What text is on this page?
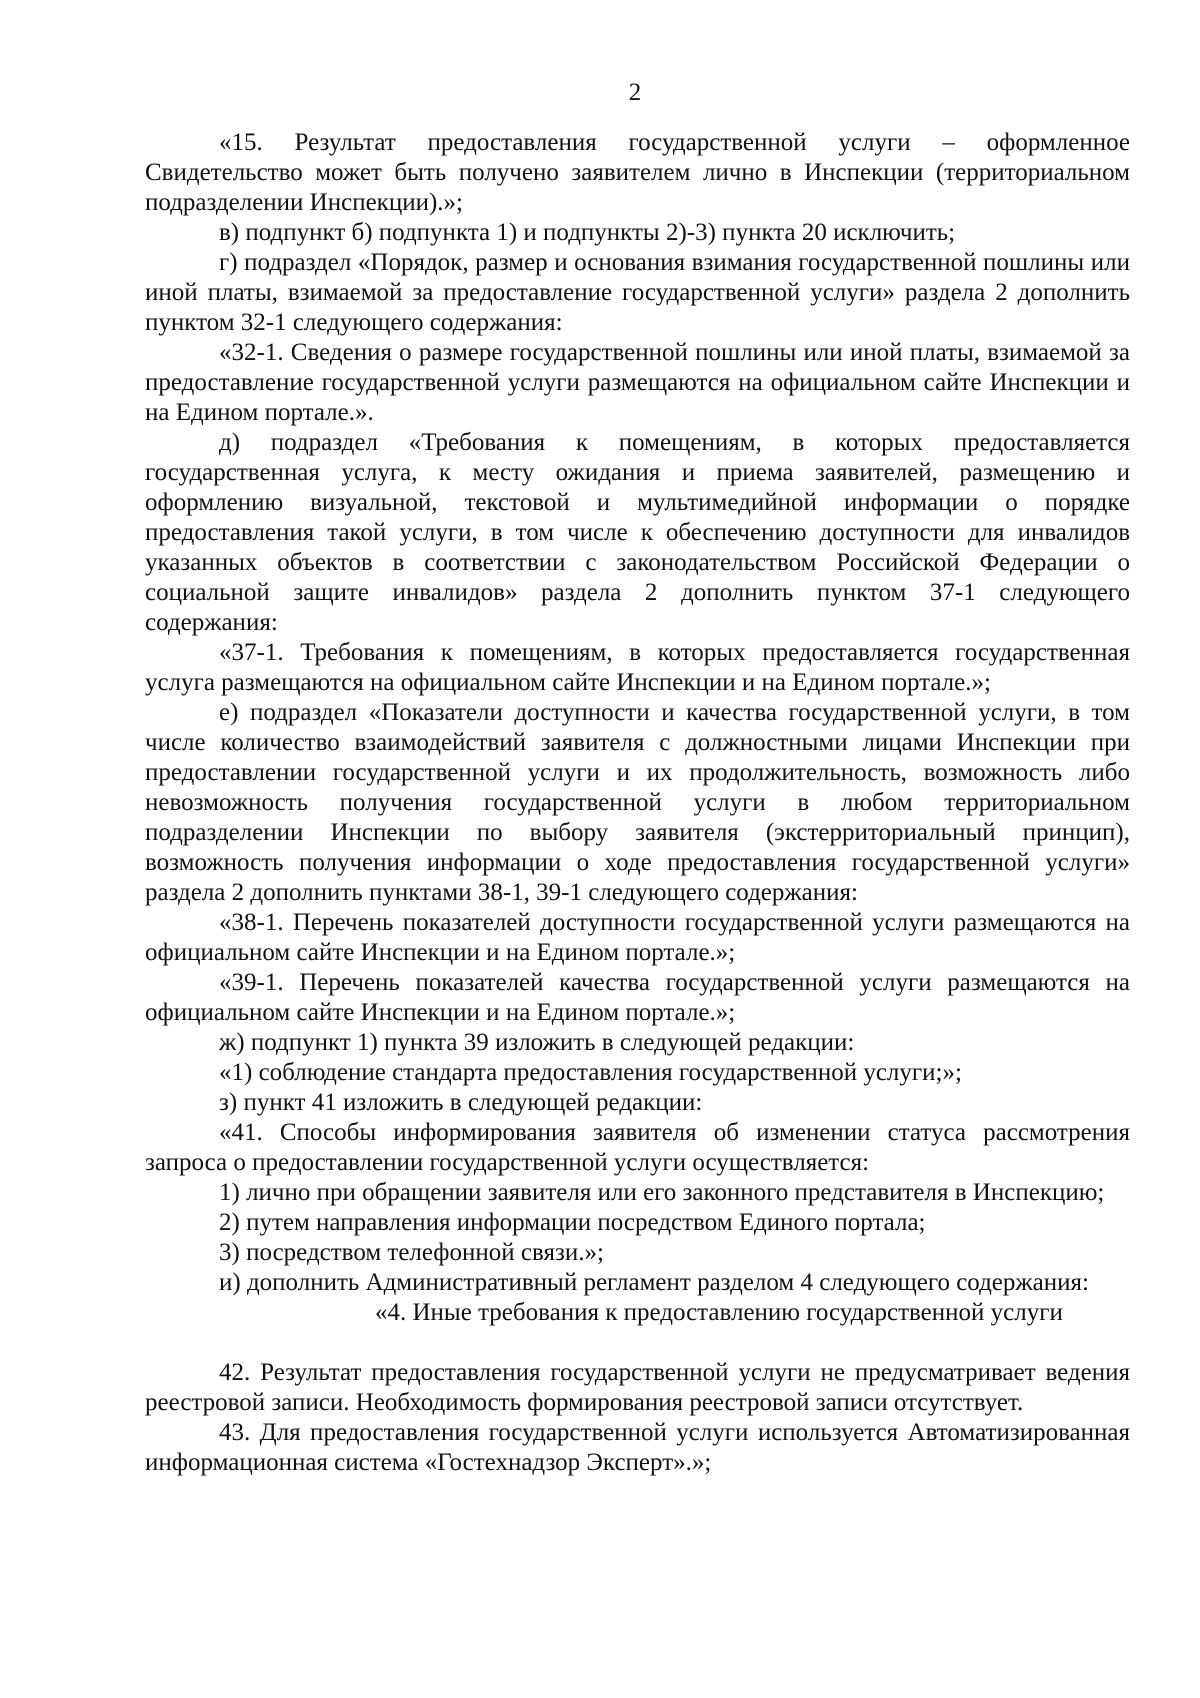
2

«15. Результат предоставления государственной услуги – оформленное Свидетельство может быть получено заявителем лично в Инспекции (территориальном подразделении Инспекции).»;

в) подпункт б) подпункта 1) и подпункты 2)-3) пункта 20 исключить;

г) подраздел «Порядок, размер и основания взимания государственной пошлины или иной платы, взимаемой за предоставление государственной услуги» раздела 2 дополнить пунктом 32-1 следующего содержания:

«32-1. Сведения о размере государственной пошлины или иной платы, взимаемой за предоставление государственной услуги размещаются на официальном сайте Инспекции и на Едином портале.».

д) подраздел «Требования к помещениям, в которых предоставляется государственная услуга, к месту ожидания и приема заявителей, размещению и оформлению визуальной, текстовой и мультимедийной информации о порядке предоставления такой услуги, в том числе к обеспечению доступности для инвалидов указанных объектов в соответствии с законодательством Российской Федерации о социальной защите инвалидов» раздела 2 дополнить пунктом 37-1 следующего содержания:

«37-1. Требования к помещениям, в которых предоставляется государственная услуга размещаются на официальном сайте Инспекции и на Едином портале.»;

е) подраздел «Показатели доступности и качества государственной услуги, в том числе количество взаимодействий заявителя с должностными лицами Инспекции при предоставлении государственной услуги и их продолжительность, возможность либо невозможность получения государственной услуги в любом территориальном подразделении Инспекции по выбору заявителя (экстерриториальный принцип), возможность получения информации о ходе предоставления государственной услуги» раздела 2 дополнить пунктами 38-1, 39-1 следующего содержания:

«38-1. Перечень показателей доступности государственной услуги размещаются на официальном сайте Инспекции и на Едином портале.»;

«39-1. Перечень показателей качества государственной услуги размещаются на официальном сайте Инспекции и на Едином портале.»;

ж) подпункт 1) пункта 39 изложить в следующей редакции:

«1) соблюдение стандарта предоставления государственной услуги;»;

з) пункт 41 изложить в следующей редакции:

«41. Способы информирования заявителя об изменении статуса рассмотрения запроса о предоставлении государственной услуги осуществляется:

1) лично при обращении заявителя или его законного представителя в Инспекцию;

2) путем направления информации посредством Единого портала;

3) посредством телефонной связи.»;

и) дополнить Административный регламент разделом 4 следующего содержания:

«4. Иные требования к предоставлению государственной услуги

42. Результат предоставления государственной услуги не предусматривает ведения реестровой записи. Необходимость формирования реестровой записи отсутствует.

43. Для предоставления государственной услуги используется Автоматизированная информационная система «Гостехнадзор Эксперт».»;
